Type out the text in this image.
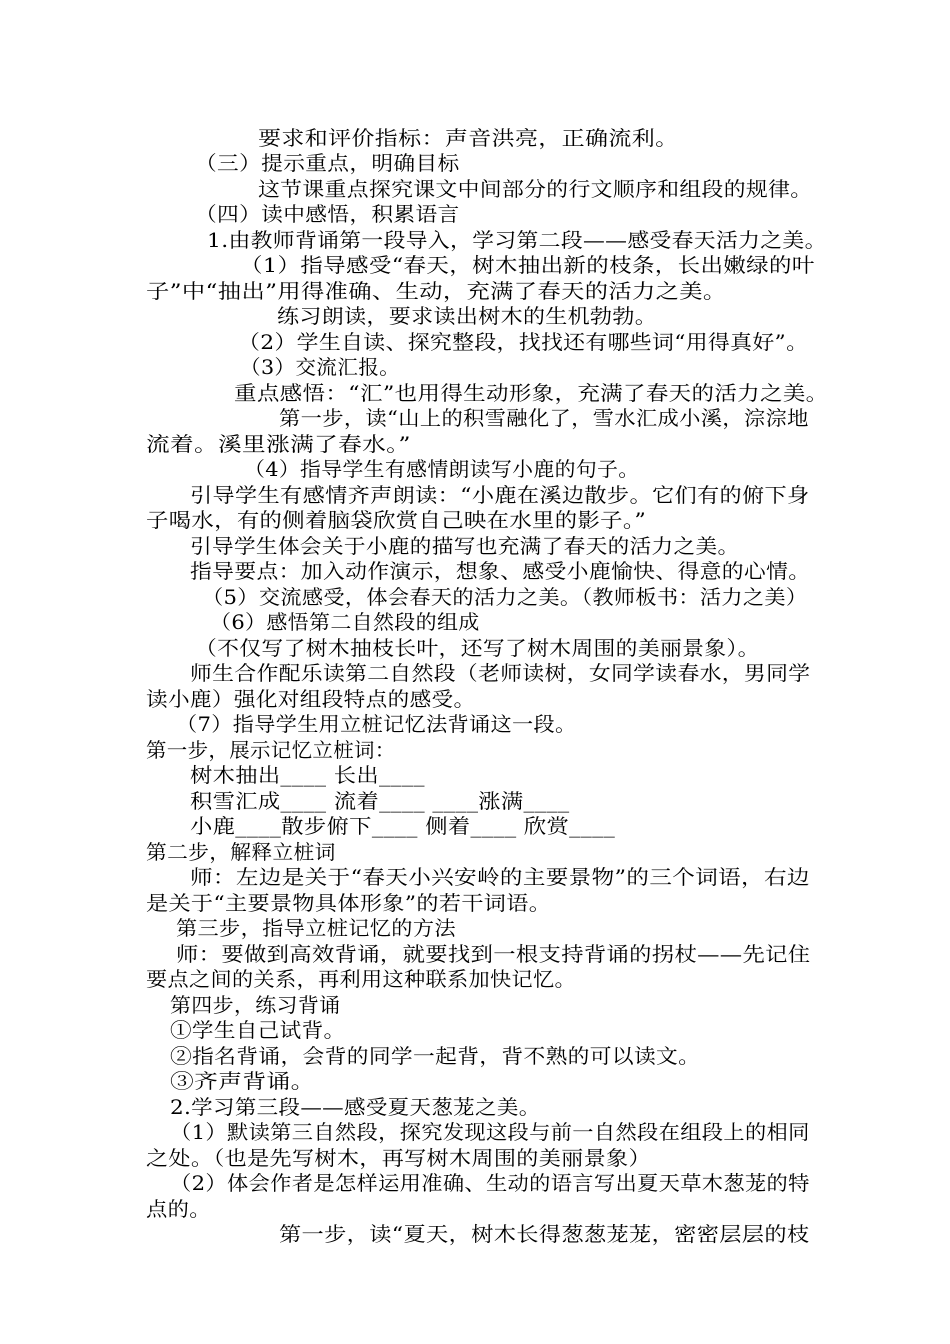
要求和评价指标：声音洪亮，正确流利。
（三）提示重点，明确目标
这节课重点探究课文中间部分的行文顺序和组段的规律。
（四）读中感悟，积累语言
1.由教师背诵第一段导入，学习第二段——感受春天活力之美。
（1）指导感受“春天，树木抽出新的枝条，长出嫩绿的叶
子”中“抽出”用得准确、生动，充满了春天的活力之美。
练习朗读，要求读出树木的生机勃勃。
（2）学生自读、探究整段，找找还有哪些词“用得真好”。
（3）交流汇报。
重点感悟：“汇”也用得生动形象，充满了春天的活力之美。
第一步，读“山上的积雪融化了，雪水汇成小溪，淙淙地
流着。溪里涨满了春水。”
（4）指导学生有感情朗读写小鹿的句子。
引导学生有感情齐声朗读：“小鹿在溪边散步。它们有的俯下身
子喝水，有的侧着脑袋欣赏自己映在水里的影子。”
引导学生体会关于小鹿的描写也充满了春天的活力之美。
指导要点：加入动作演示，想象、感受小鹿愉快、得意的心情。
（5）交流感受，体会春天的活力之美。（教师板书：活力之美）
（6）感悟第二自然段的组成
（不仅写了树木抽枝长叶，还写了树木周围的美丽景象）。
师生合作配乐读第二自然段（老师读树，女同学读春水，男同学
读小鹿）强化对组段特点的感受。
（7）指导学生用立桩记忆法背诵这一段。
第一步，展示记忆立桩词：
树木抽出____ 长出____
积雪汇成____ 流着____ ____涨满____
小鹿____散步俯下____ 侧着____ 欣赏____
第二步，解释立桩词
师：左边是关于“春天小兴安岭的主要景物”的三个词语，右边
是关于“主要景物具体形象”的若干词语。
第三步，指导立桩记忆的方法
师：要做到高效背诵，就要找到一根支持背诵的拐杖——先记住
要点之间的关系，再利用这种联系加快记忆。
第四步，练习背诵
①学生自己试背。
②指名背诵，会背的同学一起背，背不熟的可以读文。
③齐声背诵。
2.学习第三段——感受夏天葱茏之美。
（1）默读第三自然段，探究发现这段与前一自然段在组段上的相同
之处。（也是先写树木，再写树木周围的美丽景象）
（2）体会作者是怎样运用准确、生动的语言写出夏天草木葱茏的特
点的。
第一步，读“夏天，树木长得葱葱茏茏，密密层层的枝
